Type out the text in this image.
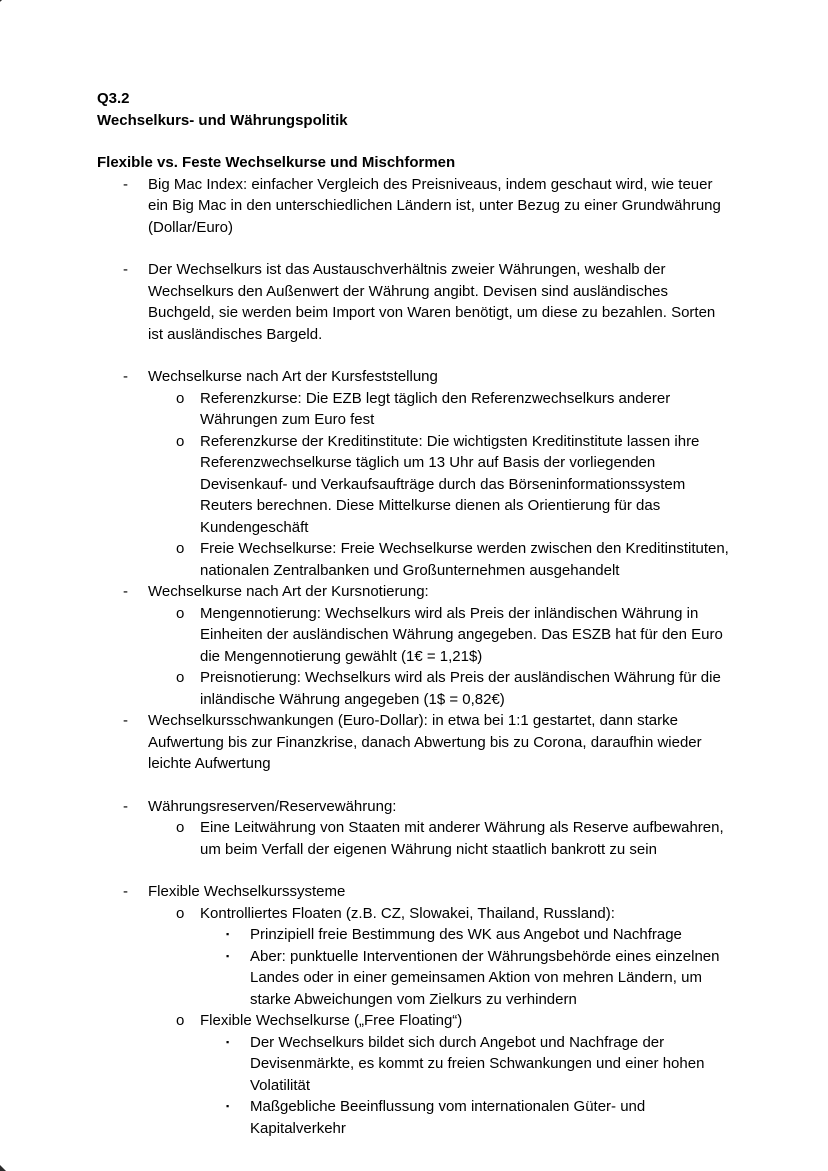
Q3.2
Wechselkurs- und Währungspolitik
Flexible vs. Feste Wechselkurse und Mischformen
-	Big Mac Index: einfacher Vergleich des Preisniveaus, indem geschaut wird, wie teuer ein Big Mac in den unterschiedlichen Ländern ist, unter Bezug zu einer Grundwährung (Dollar/Euro)
-	Der Wechselkurs ist das Austauschverhältnis zweier Währungen, weshalb der Wechselkurs den Außenwert der Währung angibt. Devisen sind ausländisches Buchgeld, sie werden beim Import von Waren benötigt, um diese zu bezahlen. Sorten ist ausländisches Bargeld.
-	Wechselkurse nach Art der Kursfeststellung
o	Referenzkurse: Die EZB legt täglich den Referenzwechselkurs anderer Währungen zum Euro fest
o	Referenzkurse der Kreditinstitute: Die wichtigsten Kreditinstitute lassen ihre Referenzwechselkurse täglich um 13 Uhr auf Basis der vorliegenden Devisenkauf- und Verkaufsaufträge durch das Börseninformationssystem Reuters berechnen. Diese Mittelkurse dienen als Orientierung für das Kundengeschäft
o	Freie Wechselkurse: Freie Wechselkurse werden zwischen den Kreditinstituten, nationalen Zentralbanken und Großunternehmen ausgehandelt
-	Wechselkurse nach Art der Kursnotierung:
o	Mengennotierung: Wechselkurs wird als Preis der inländischen Währung in Einheiten der ausländischen Währung angegeben. Das ESZB hat für den Euro die Mengennotierung gewählt (1€ = 1,21$)
o	Preisnotierung: Wechselkurs wird als Preis der ausländischen Währung für die inländische Währung angegeben (1$ = 0,82€)
-	Wechselkursschwankungen (Euro-Dollar): in etwa bei 1:1 gestartet, dann starke Aufwertung bis zur Finanzkrise, danach Abwertung bis zu Corona, daraufhin wieder leichte Aufwertung
-	Währungsreserven/Reservewährung:
o	Eine Leitwährung von Staaten mit anderer Währung als Reserve aufbewahren, um beim Verfall der eigenen Währung nicht staatlich bankrott zu sein
-	Flexible Wechselkurssysteme
o	Kontrolliertes Floaten (z.B. CZ, Slowakei, Thailand, Russland):
▪	Prinzipiell freie Bestimmung des WK aus Angebot und Nachfrage
▪	Aber: punktuelle Interventionen der Währungsbehörde eines einzelnen Landes oder in einer gemeinsamen Aktion von mehren Ländern, um starke Abweichungen vom Zielkurs zu verhindern
o	Flexible Wechselkurse („Free Floating“)
▪	Der Wechselkurs bildet sich durch Angebot und Nachfrage der Devisenmärkte, es kommt zu freien Schwankungen und einer hohen Volatilität
▪	Maßgebliche Beeinflussung vom internationalen Güter- und Kapitalverkehr
